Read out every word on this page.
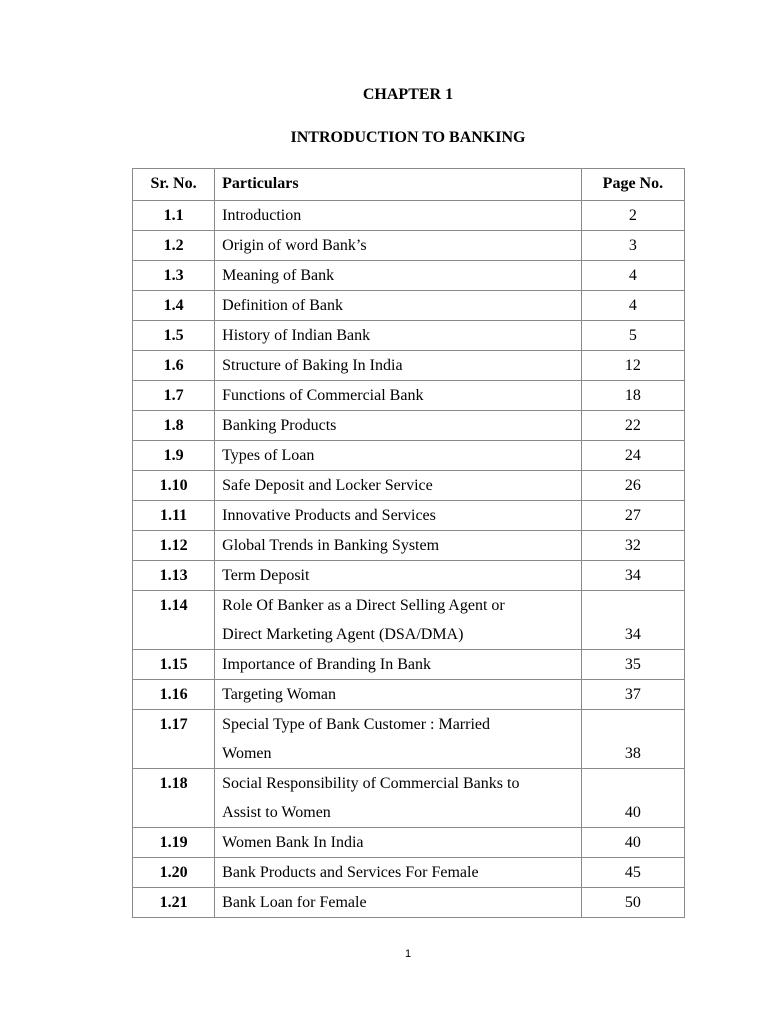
CHAPTER 1
INTRODUCTION TO BANKING
Sr. No.	Particulars	Page No.
1.1	Introduction	2
1.2	Origin of word Bank’s	3
1.3	Meaning of Bank	4
1.4	Definition of Bank	4
1.5	History of Indian Bank	5
1.6	Structure of Baking In India	12
1.7	Functions of Commercial Bank	18
1.8	Banking Products	22
1.9	Types of Loan	24
1.10	Safe Deposit and Locker Service	26
1.11	Innovative Products and Services	27
1.12	Global Trends in Banking System	32
1.13	Term Deposit	34
1.14	Role Of Banker as a Direct Selling Agent or
Direct Marketing Agent (DSA/DMA)	34
1.15	Importance of Branding In Bank	35
1.16	Targeting Woman	37
1.17	Special Type of Bank Customer : Married
Women	38
1.18	Social Responsibility of Commercial Banks to
Assist to Women	40
1.19	Women Bank In India	40
1.20	Bank Products and Services For Female	45
1.21	Bank Loan for Female	50
1
